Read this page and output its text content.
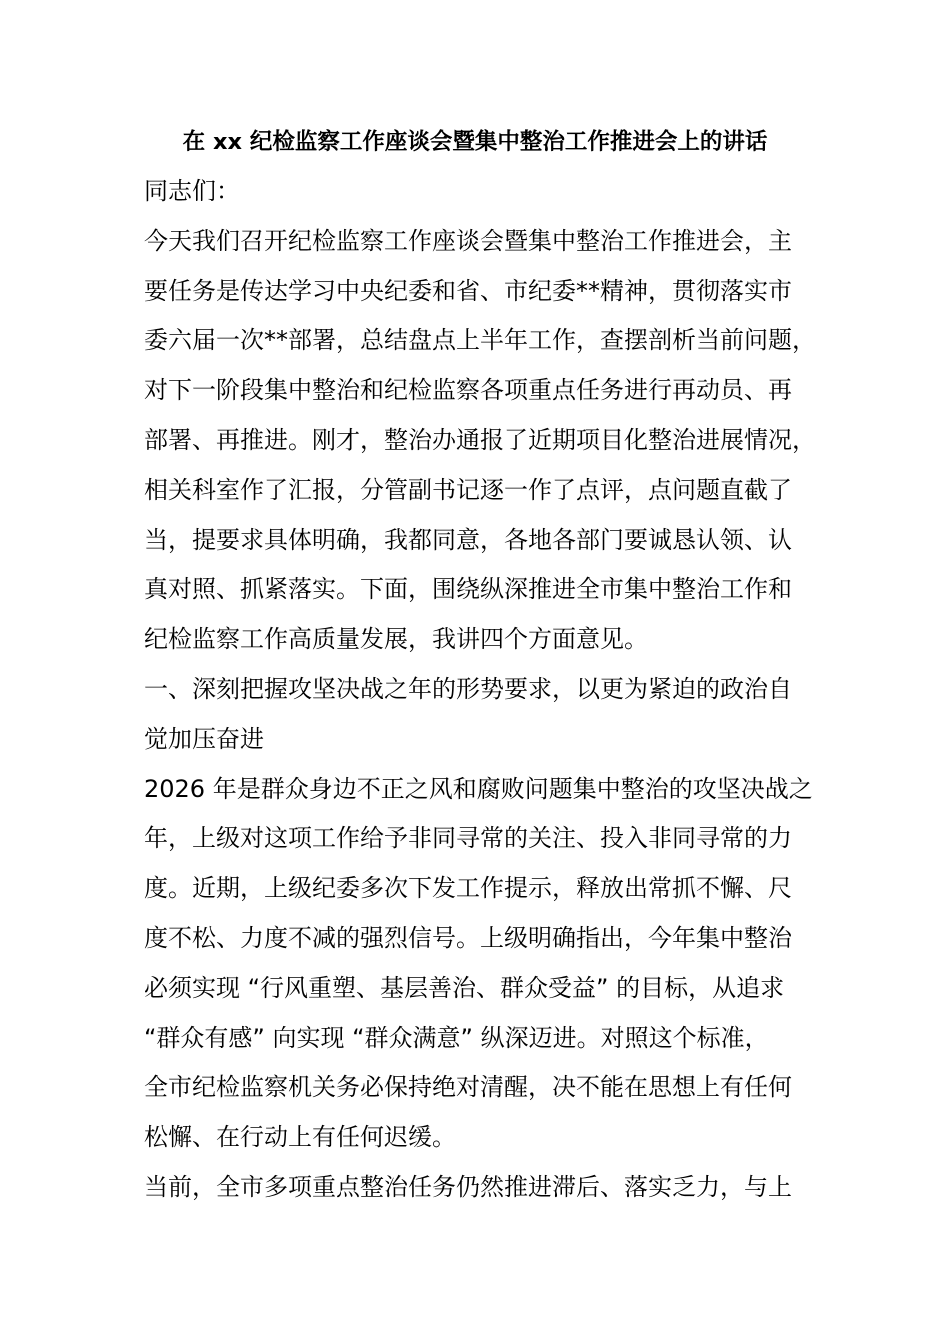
在 xx 纪检监察工作座谈会暨集中整治工作推进会上的讲话
同志们：
今天我们召开纪检监察工作座谈会暨集中整治工作推进会，主
要任务是传达学习中央纪委和省、市纪委**精神，贯彻落实市
委六届一次**部署，总结盘点上半年工作，查摆剖析当前问题，
对下一阶段集中整治和纪检监察各项重点任务进行再动员、再
部署、再推进。刚才，整治办通报了近期项目化整治进展情况，
相关科室作了汇报，分管副书记逐一作了点评，点问题直截了
当，提要求具体明确，我都同意，各地各部门要诚恳认领、认
真对照、抓紧落实。下面，围绕纵深推进全市集中整治工作和
纪检监察工作高质量发展，我讲四个方面意见。
一、深刻把握攻坚决战之年的形势要求，以更为紧迫的政治自
觉加压奋进
2026 年是群众身边不正之风和腐败问题集中整治的攻坚决战之
年，上级对这项工作给予非同寻常的关注、投入非同寻常的力
度。近期，上级纪委多次下发工作提示，释放出常抓不懈、尺
度不松、力度不减的强烈信号。上级明确指出，今年集中整治
必须实现 “行风重塑、基层善治、群众受益” 的目标，从追求
“群众有感” 向实现 “群众满意” 纵深迈进。对照这个标准，
全市纪检监察机关务必保持绝对清醒，决不能在思想上有任何
松懈、在行动上有任何迟缓。
当前，全市多项重点整治任务仍然推进滞后、落实乏力，与上
